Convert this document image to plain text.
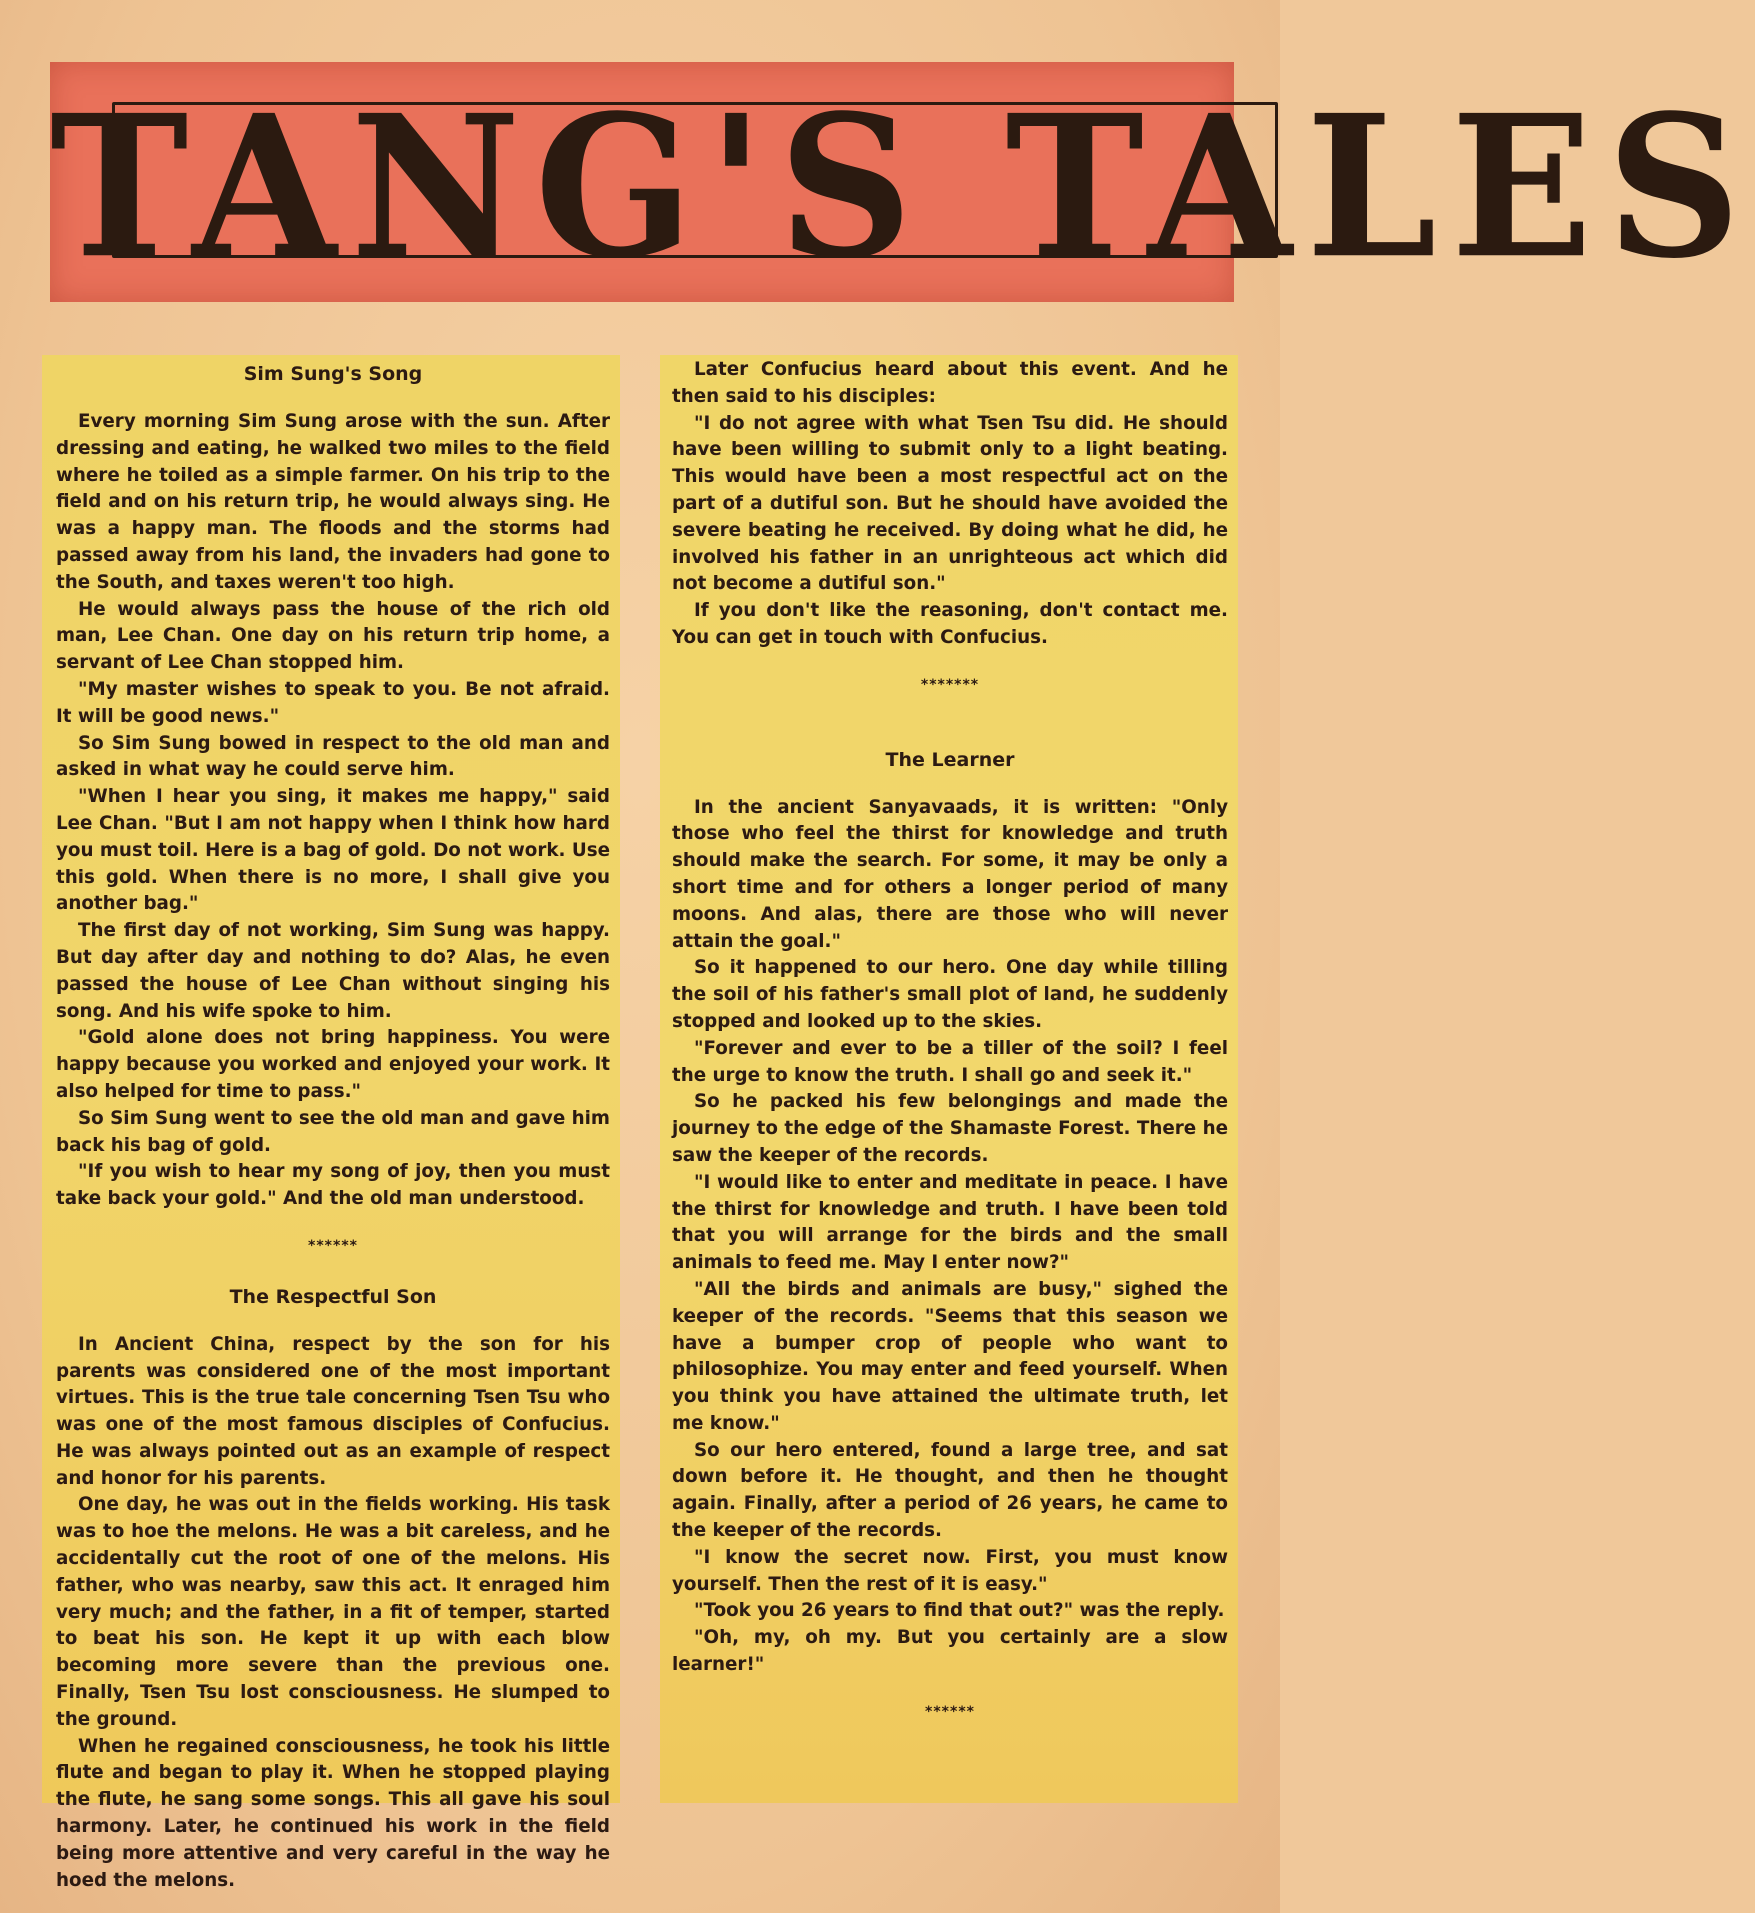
TANG'S TALES
Sim Sung's Song

Every morning Sim Sung arose with the sun. After dressing and eating, he walked two miles to the field where he toiled as a simple farmer. On his trip to the field and on his return trip, he would always sing. He was a happy man. The floods and the storms had passed away from his land, the invaders had gone to the South, and taxes weren't too high.

He would always pass the house of the rich old man, Lee Chan. One day on his return trip home, a servant of Lee Chan stopped him.

"My master wishes to speak to you. Be not afraid. It will be good news."

So Sim Sung bowed in respect to the old man and asked in what way he could serve him.

"When I hear you sing, it makes me happy," said Lee Chan. "But I am not happy when I think how hard you must toil. Here is a bag of gold. Do not work. Use this gold. When there is no more, I shall give you another bag."

The first day of not working, Sim Sung was happy. But day after day and nothing to do? Alas, he even passed the house of Lee Chan without singing his song. And his wife spoke to him.

"Gold alone does not bring happiness. You were happy because you worked and enjoyed your work. It also helped for time to pass."

So Sim Sung went to see the old man and gave him back his bag of gold.

"If you wish to hear my song of joy, then you must take back your gold." And the old man understood.

******
The Respectful Son

In Ancient China, respect by the son for his parents was considered one of the most important virtues. This is the true tale concerning Tsen Tsu who was one of the most famous disciples of Confucius. He was always pointed out as an example of respect and honor for his parents.

One day, he was out in the fields working. His task was to hoe the melons. He was a bit careless, and he accidentally cut the root of one of the melons. His father, who was nearby, saw this act. It enraged him very much; and the father, in a fit of temper, started to beat his son. He kept it up with each blow becoming more severe than the previous one. Finally, Tsen Tsu lost consciousness. He slumped to the ground.

When he regained consciousness, he took his little flute and began to play it. When he stopped playing the flute, he sang some songs. This all gave his soul harmony. Later, he continued his work in the field being more attentive and very careful in the way he hoed the melons.

Later Confucius heard about this event. And he then said to his disciples:

"I do not agree with what Tsen Tsu did. He should have been willing to submit only to a light beating. This would have been a most respectful act on the part of a dutiful son. But he should have avoided the severe beating he received. By doing what he did, he involved his father in an unrighteous act which did not become a dutiful son."

If you don't like the reasoning, don't contact me. You can get in touch with Confucius.

*******
The Learner

In the ancient Sanyavaads, it is written: "Only those who feel the thirst for knowledge and truth should make the search. For some, it may be only a short time and for others a longer period of many moons. And alas, there are those who will never attain the goal."

So it happened to our hero. One day while tilling the soil of his father's small plot of land, he suddenly stopped and looked up to the skies.

"Forever and ever to be a tiller of the soil? I feel the urge to know the truth. I shall go and seek it."

So he packed his few belongings and made the journey to the edge of the Shamaste Forest. There he saw the keeper of the records.

"I would like to enter and meditate in peace. I have the thirst for knowledge and truth. I have been told that you will arrange for the birds and the small animals to feed me. May I enter now?"

"All the birds and animals are busy," sighed the keeper of the records. "Seems that this season we have a bumper crop of people who want to philosophize. You may enter and feed yourself. When you think you have attained the ultimate truth, let me know."

So our hero entered, found a large tree, and sat down before it. He thought, and then he thought again. Finally, after a period of 26 years, he came to the keeper of the records.

"I know the secret now. First, you must know yourself. Then the rest of it is easy."

"Took you 26 years to find that out?" was the reply.

"Oh, my, oh my. But you certainly are a slow learner!"

******
